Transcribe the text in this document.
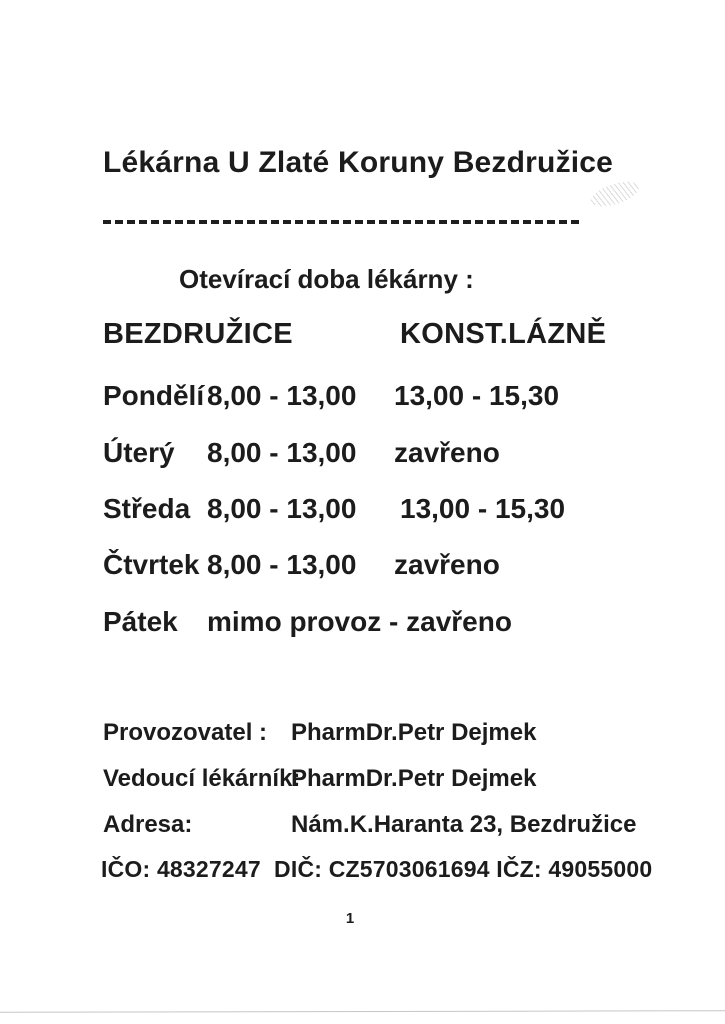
Lékárna U Zlaté Koruny Bezdružice
Otevírací doba lékárny :
BEZDRUŽICE	KONST.LÁZNĚ
Pondělí 8,00 - 13,00 13,00 - 15,30
Úterý 8,00 - 13,00 zavřeno
Středa 8,00 - 13,00 13,00 - 15,30
Čtvrtek 8,00 - 13,00 zavřeno
Pátek mimo provoz - zavřeno
Provozovatel : PharmDr.Petr Dejmek
Vedoucí lékárník:
PharmDr.Petr Dejmek
Adresa:	Nám.K.Haranta 23, Bezdružice
IČO: 48327247  DIČ: CZ5703061694 IČZ: 49055000
1
